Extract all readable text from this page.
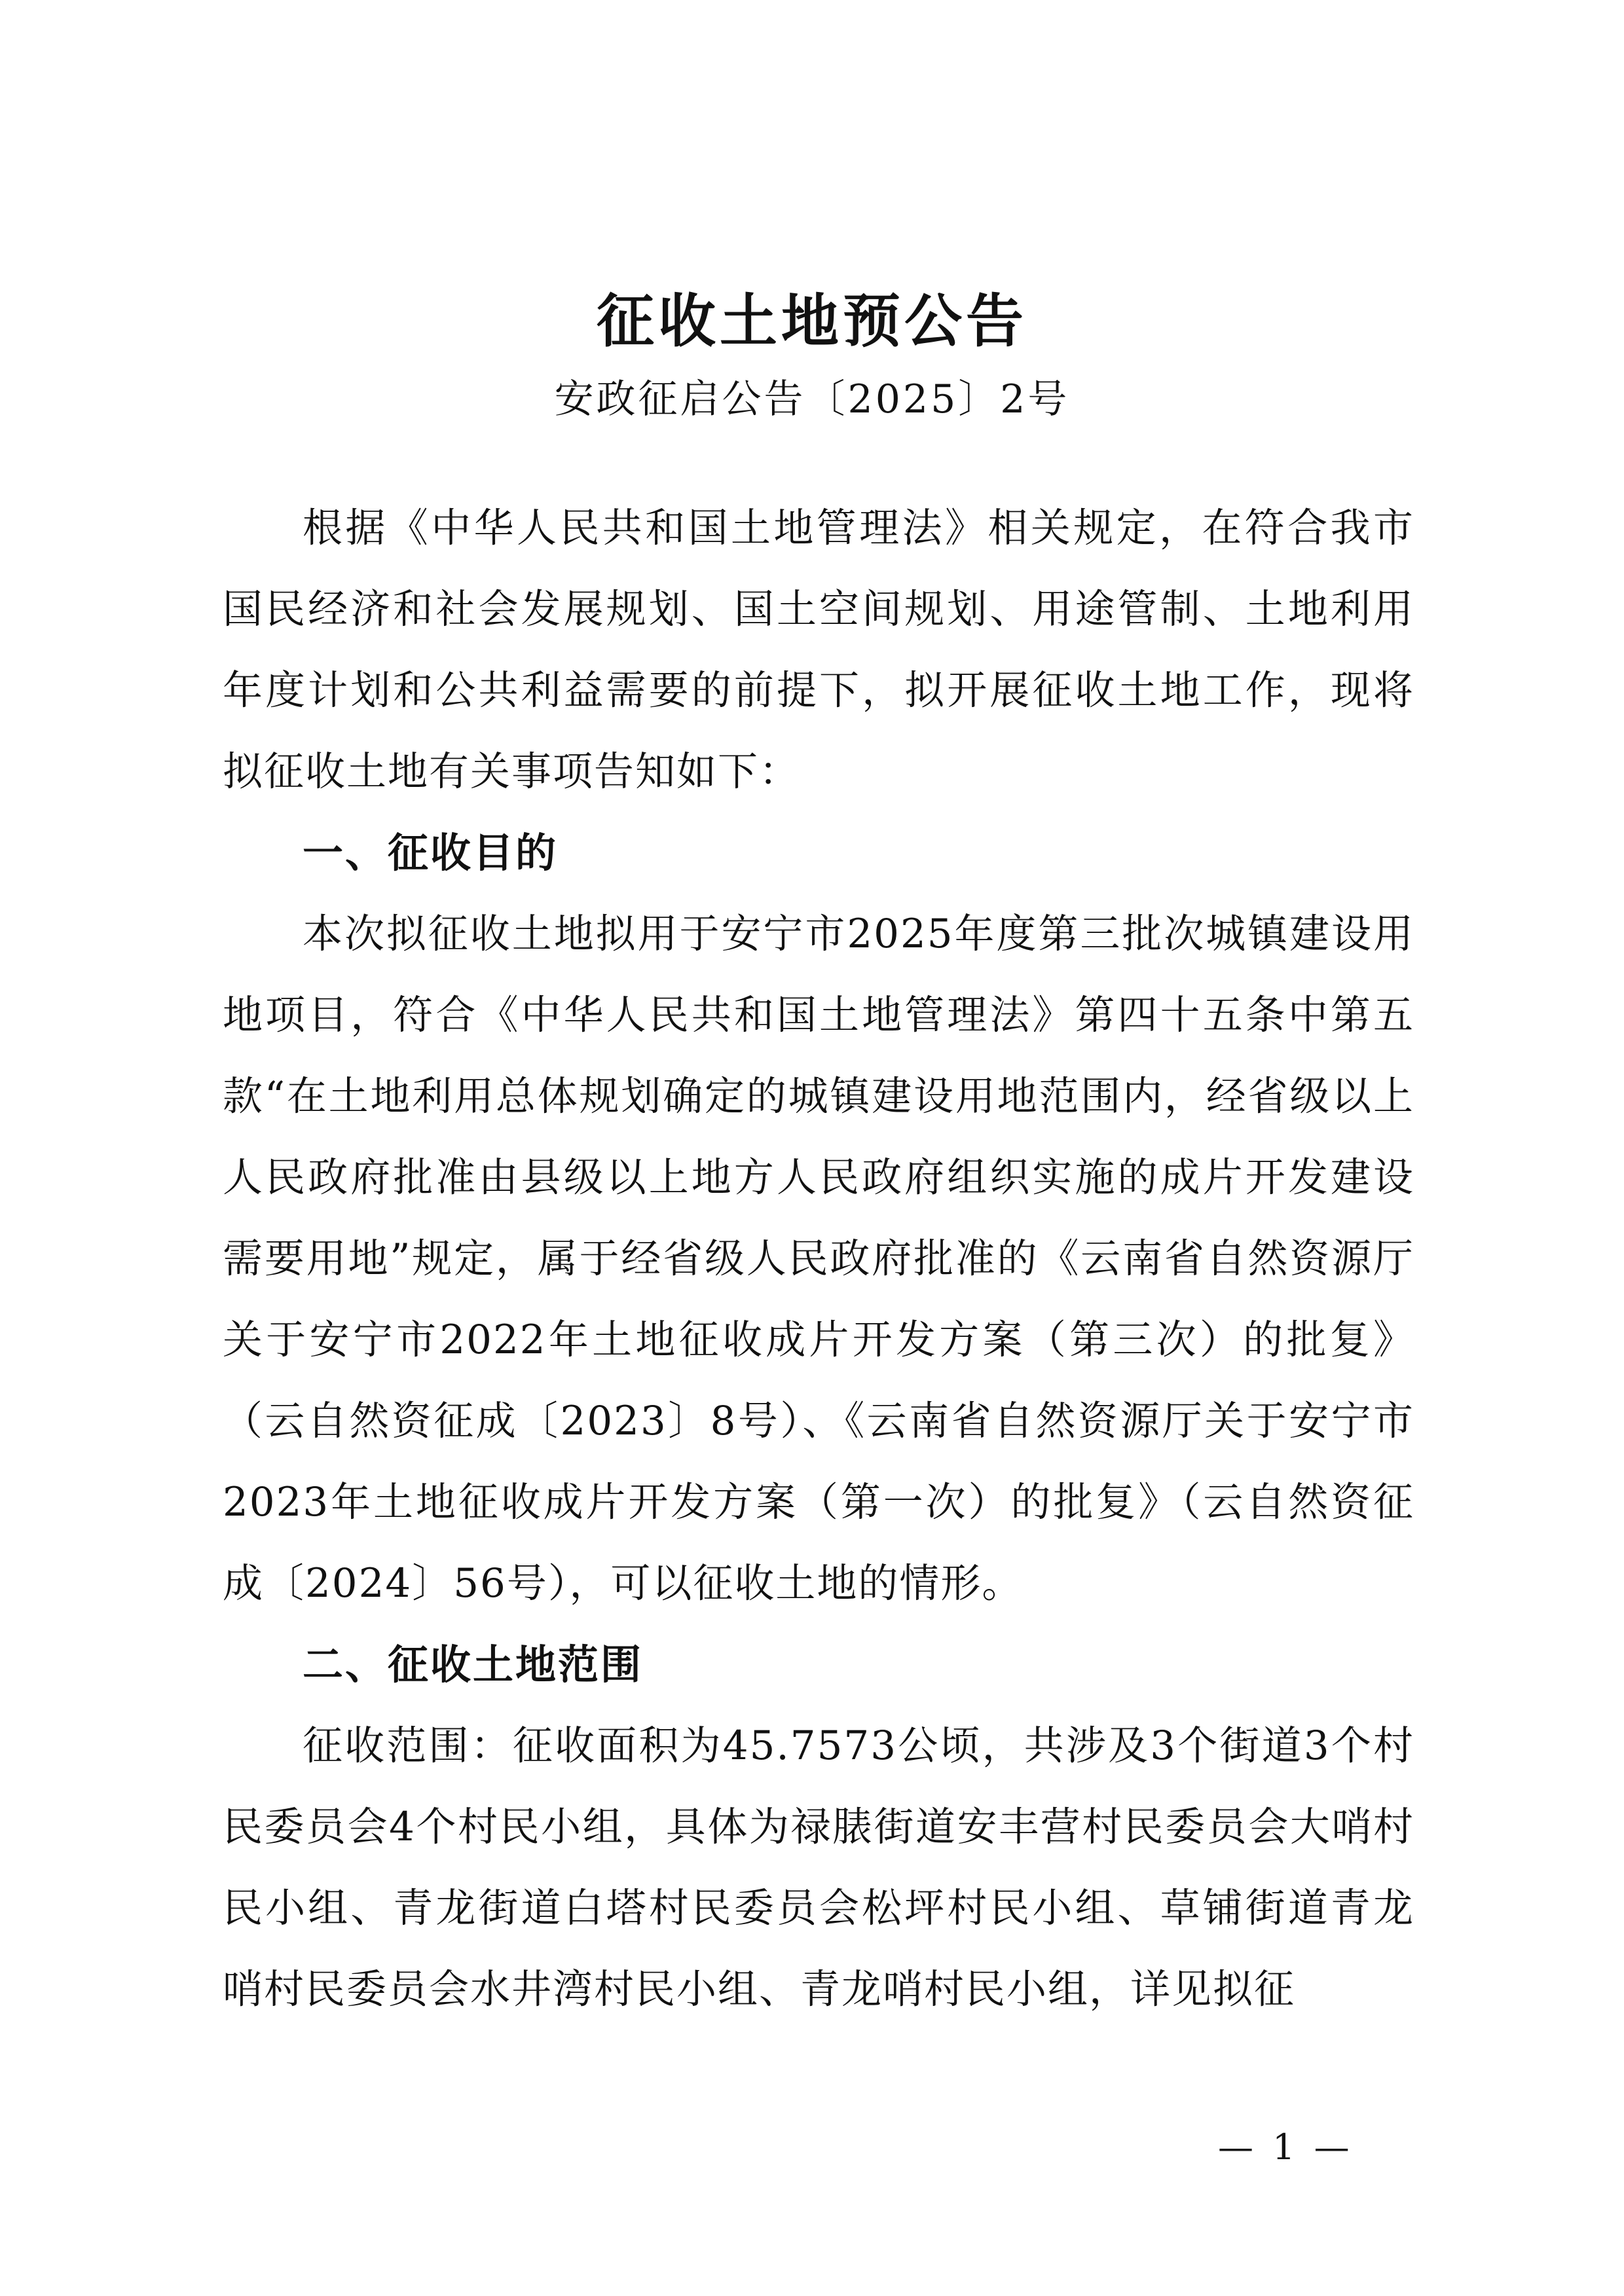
征收土地预公告
安政征启公告〔2025〕2号

根据《中华人民共和国土地管理法》相关规定，在符合我市国民经济和社会发展规划、国土空间规划、用途管制、土地利用年度计划和公共利益需要的前提下，拟开展征收土地工作，现将拟征收土地有关事项告知如下：

一、征收目的

本次拟征收土地拟用于安宁市2025年度第三批次城镇建设用地项目，符合《中华人民共和国土地管理法》第四十五条中第五款“在土地利用总体规划确定的城镇建设用地范围内，经省级以上人民政府批准由县级以上地方人民政府组织实施的成片开发建设需要用地”规定，属于经省级人民政府批准的《云南省自然资源厅关于安宁市2022年土地征收成片开发方案（第三次）的批复》（云自然资征成〔2023〕8号）、《云南省自然资源厅关于安宁市2023年土地征收成片开发方案（第一次）的批复》（云自然资征成〔2024〕56号），可以征收土地的情形。

二、征收土地范围

征收范围：征收面积为45.7573公顷，共涉及3个街道3个村民委员会4个村民小组，具体为禄脿街道安丰营村民委员会大哨村民小组、青龙街道白塔村民委员会松坪村民小组、草铺街道青龙哨村民委员会水井湾村民小组、青龙哨村民小组，详见拟征

— 1 —
